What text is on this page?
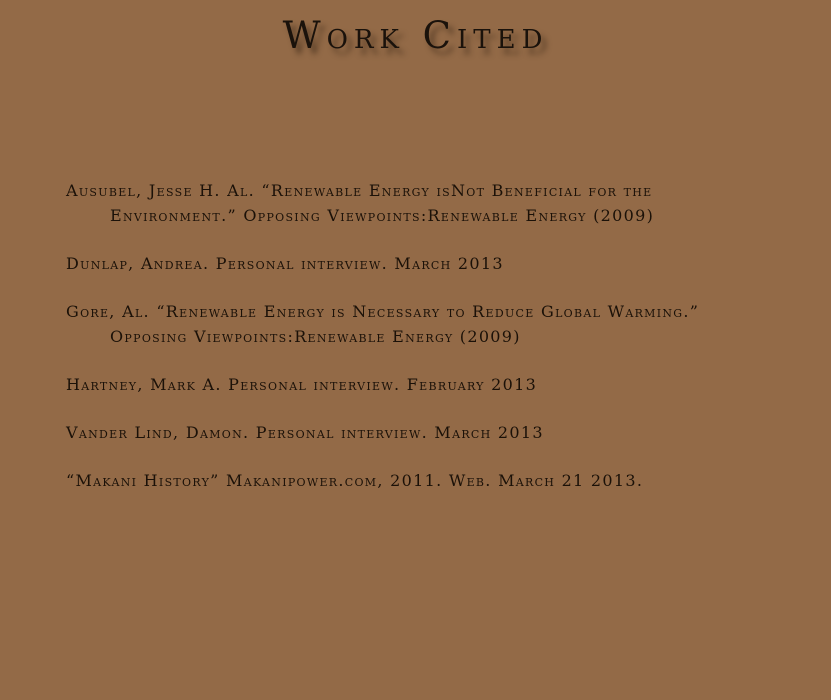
Work Cited
Ausubel, Jesse H. Al. “Renewable Energy isNot Beneficial for the
Environment.” Opposing Viewpoints:Renewable Energy (2009)
Dunlap, Andrea. Personal interview. March 2013
Gore, Al. “Renewable Energy is Necessary to Reduce Global Warming.”
Opposing Viewpoints:Renewable Energy (2009)
Hartney, Mark A. Personal interview. February 2013
Vander Lind, Damon. Personal interview. March 2013
“Makani History” Makanipower.com, 2011. Web. March 21 2013.
